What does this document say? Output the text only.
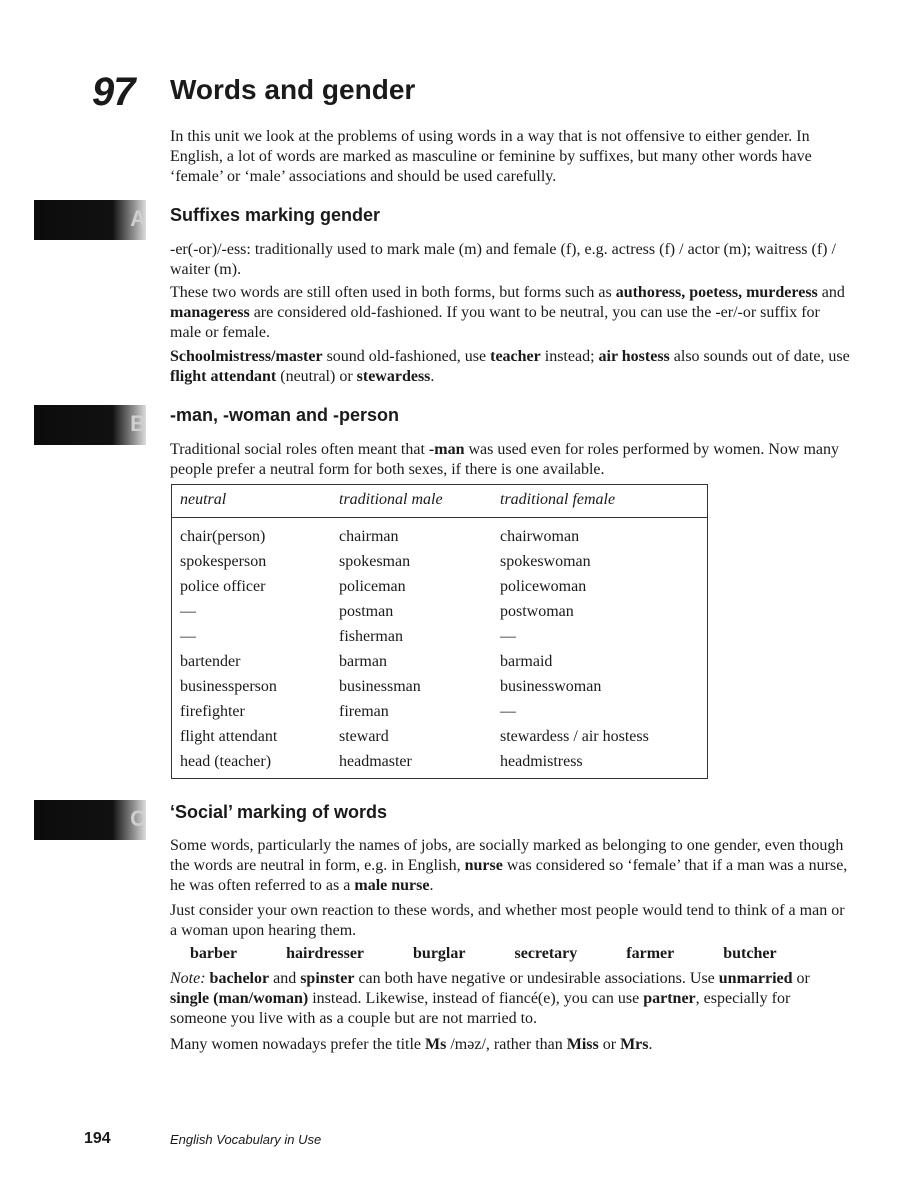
97 Words and gender

In this unit we look at the problems of using words in a way that is not offensive to either gender. In English, a lot of words are marked as masculine or feminine by suffixes, but many other words have ‘female’ or ‘male’ associations and should be used carefully.

A Suffixes marking gender

-er(-or)/-ess: traditionally used to mark male (m) and female (f), e.g. actress (f) / actor (m); waitress (f) / waiter (m).

These two words are still often used in both forms, but forms such as authoress, poetess, murderess and manageress are considered old-fashioned. If you want to be neutral, you can use the -er/-or suffix for male or female.

Schoolmistress/master sound old-fashioned, use teacher instead; air hostess also sounds out of date, use flight attendant (neutral) or stewardess.

B -man, -woman and -person

Traditional social roles often meant that -man was used even for roles performed by women. Now many people prefer a neutral form for both sexes, if there is one available.

neutral	traditional male	traditional female
chair(person)	chairman	chairwoman
spokesperson	spokesman	spokeswoman
police officer	policeman	policewoman
—	postman	postwoman
—	fisherman	—
bartender	barman	barmaid
businessperson	businessman	businesswoman
firefighter	fireman	—
flight attendant	steward	stewardess / air hostess
head (teacher)	headmaster	headmistress
C ‘Social’ marking of words

Some words, particularly the names of jobs, are socially marked as belonging to one gender, even though the words are neutral in form, e.g. in English, nurse was considered so ‘female’ that if a man was a nurse, he was often referred to as a male nurse.

Just consider your own reaction to these words, and whether most people would tend to think of a man or a woman upon hearing them.

barber	hairdresser	burglar	secretary	farmer	butcher

Note: bachelor and spinster can both have negative or undesirable associations. Use unmarried or single (man/woman) instead. Likewise, instead of fiancé(e), you can use partner, especially for someone you live with as a couple but are not married to.

Many women nowadays prefer the title Ms /məz/, rather than Miss or Mrs.

194	English Vocabulary in Use
